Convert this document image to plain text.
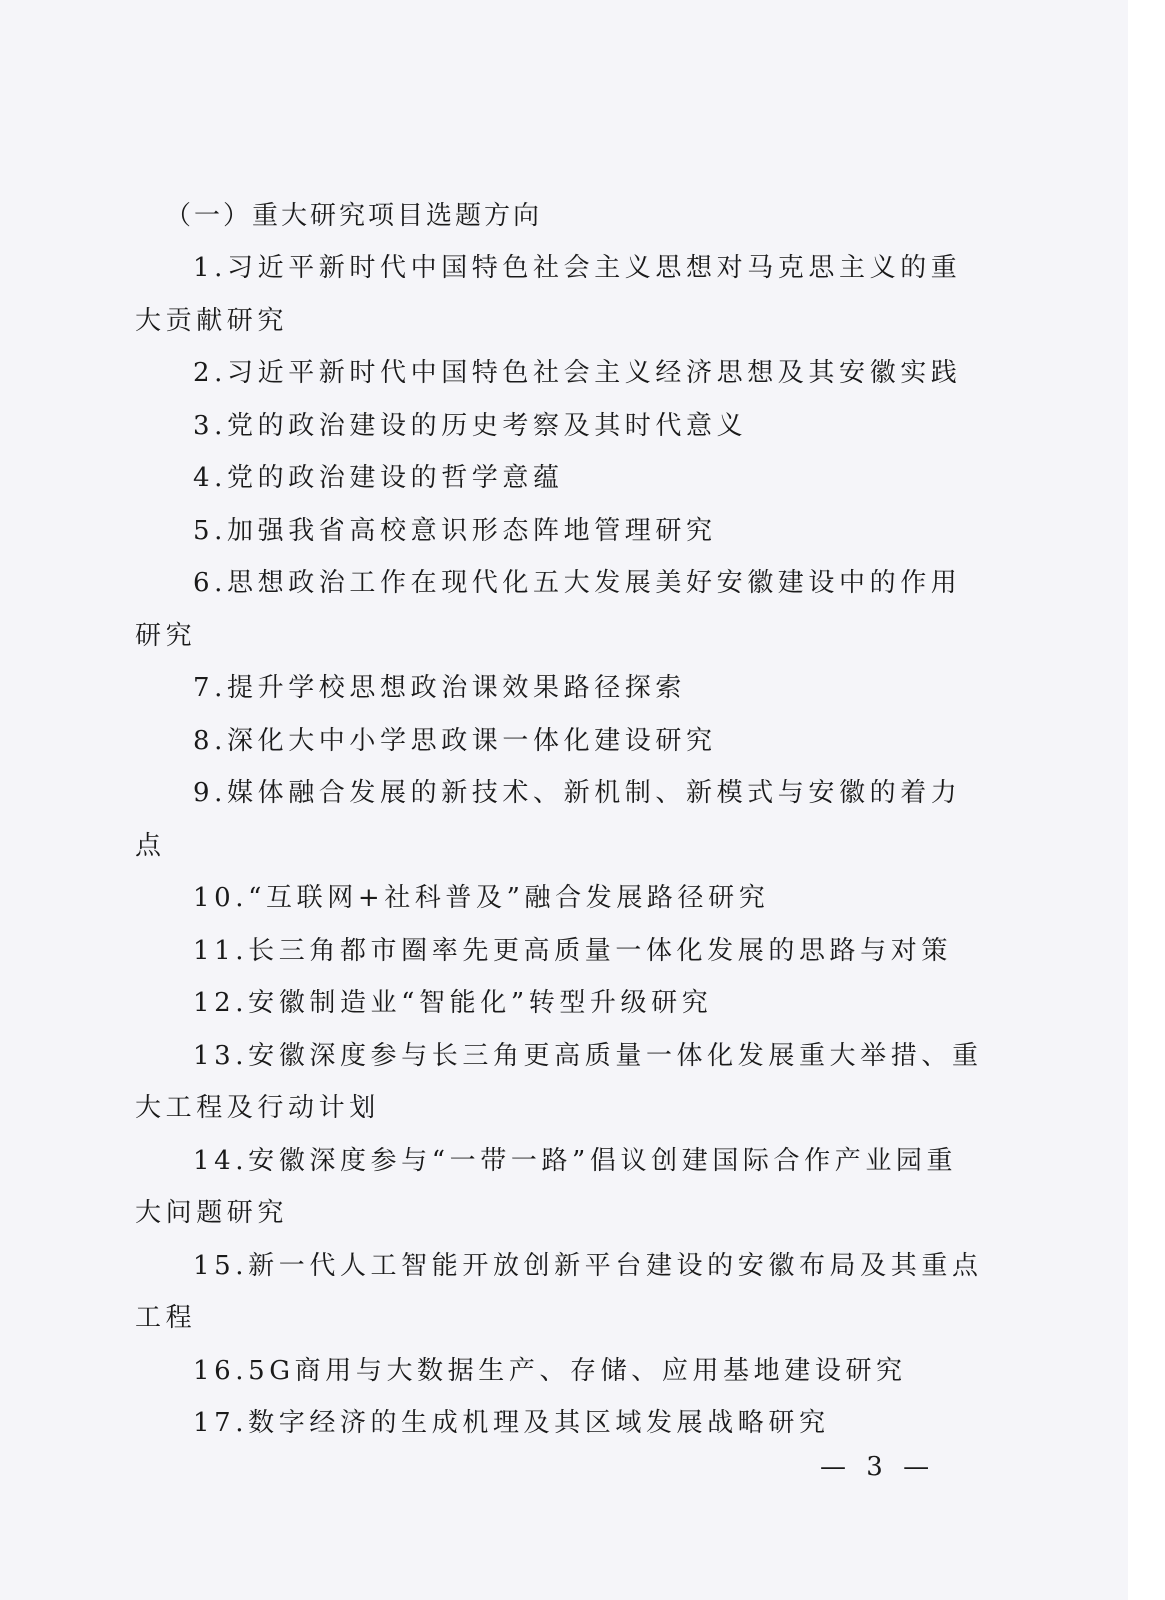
（一）重大研究项目选题方向

1.习近平新时代中国特色社会主义思想对马克思主义的重大贡献研究

2.习近平新时代中国特色社会主义经济思想及其安徽实践

3.党的政治建设的历史考察及其时代意义

4.党的政治建设的哲学意蕴

5.加强我省高校意识形态阵地管理研究

6.思想政治工作在现代化五大发展美好安徽建设中的作用研究

7.提升学校思想政治课效果路径探索

8.深化大中小学思政课一体化建设研究

9.媒体融合发展的新技术、新机制、新模式与安徽的着力点

10.“互联网+社科普及”融合发展路径研究

11.长三角都市圈率先更高质量一体化发展的思路与对策

12.安徽制造业“智能化”转型升级研究

13.安徽深度参与长三角更高质量一体化发展重大举措、重大工程及行动计划

14.安徽深度参与“一带一路”倡议创建国际合作产业园重大问题研究

15.新一代人工智能开放创新平台建设的安徽布局及其重点工程

16.5G商用与大数据生产、存储、应用基地建设研究

17.数字经济的生成机理及其区域发展战略研究

— 3 —
